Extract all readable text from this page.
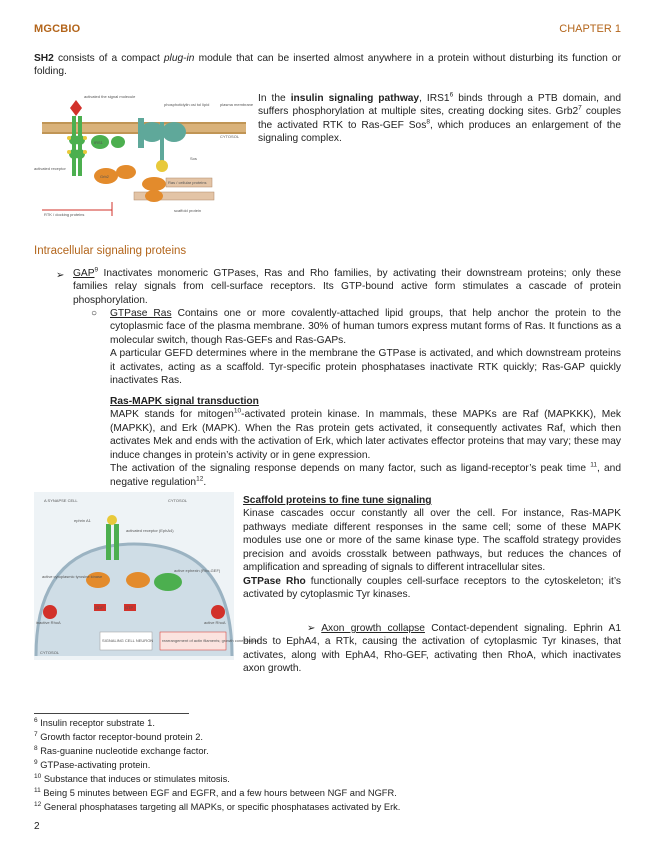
MGCBIO	CHAPTER 1
SH2 consists of a compact plug-in module that can be inserted almost anywhere in a protein without disturbing its function or folding.
activated the signal molecule
phosphotidylin osi tol lipid	plasma membrane
CYTOSOL
activated receptor
IRS1
Grb2
Sos
Ras / cellular proteins
RTK / docking proteins
scaffold protein
In the insulin signaling pathway, $IRS1^6$ binds through a PTB domain, and suffers phosphorylation at multiple sites, creating docking sites. $Grb2^7$ couples the activated RTK to Ras-GEF Sos$^8$, which produces an enlargement of the signaling complex.
Intracellular signaling proteins
➢ GAP$^9$ Inactivates monomeric GTPases, Ras and Rho families, by activating their downstream proteins; only these families relay signals from cell-surface receptors. Its GTP-bound active form stimulates a cascade of protein phosphorylation.
○ GTPase Ras Contains one or more covalently-attached lipid groups, that help anchor the protein to the cytoplasmic face of the plasma membrane. 30% of human tumors express mutant forms of Ras. It functions as a molecular switch, though Ras-GEFs and Ras-GAPs.
A particular GEFD determines where in the membrane the GTPase is activated, and which downstream proteins it activates, acting as a scaffold. Tyr-specific protein phosphatases inactivate RTK quickly; Ras-GAP quickly inactivates Ras.
Ras-MAPK signal transduction
MAPK stands for mitogen$^{10}$-activated protein kinase. In mammals, these MAPKs are Raf (MAPKKK), Mek (MAPKK), and Erk (MAPK). When the Ras protein gets activated, it consequently activates Raf, which then activates Mek and ends with the activation of Erk, which later activates effector proteins that may vary; these may induce changes in protein’s activity or in gene expression.
The activation of the signaling response depends on many factor, such as ligand-receptor’s peak time $^{11}$, and negative regulation$^{12}$.
A SYNAPSE CELL	CYTOSOL
ephrin A1
activated receptor (EphA4)
active cytoplasmic tyrosine kinase
active ephexin (Rho-GEF)
inactive RhoA	active RhoA
GDP	GTP
SIGNALING CELL NEURON rearrangement of actin filaments; growth cone collapse
CYTOSOL
Scaffold proteins to fine tune signaling
Kinase cascades occur constantly all over the cell. For instance, Ras-MAPK pathways mediate different responses in the same cell; some of these MAPK modules use one or more of the same kinase type. The scaffold strategy provides precision and avoids crosstalk between pathways, but reduces the chances of amplification and spreading of signals to different intracellular sites.
GTPase Rho functionally couples cell-surface receptors to the cytoskeleton; it’s activated by cytoplasmic Tyr kinases.
➢ Axon growth collapse Contact-dependent signaling. Ephrin A1 binds to EphA4, a RTk, causing the activation of cytoplasmic Tyr kinases, that activates, along with EphA4, Rho-GEF, activating then RhoA, which inactivates axon growth.
$^6$ Insulin receptor substrate 1.
$^7$ Growth factor receptor-bound protein 2.
$^8$ Ras-guanine nucleotide exchange factor.
$^9$ GTPase-activating protein.
$^{10}$ Substance that induces or stimulates mitosis.
$^{11}$ Being 5 minutes between EGF and EGFR, and a few hours between NGF and NGFR.
$^{12}$ General phosphatases targeting all MAPKs, or specific phosphatases activated by Erk.
2
